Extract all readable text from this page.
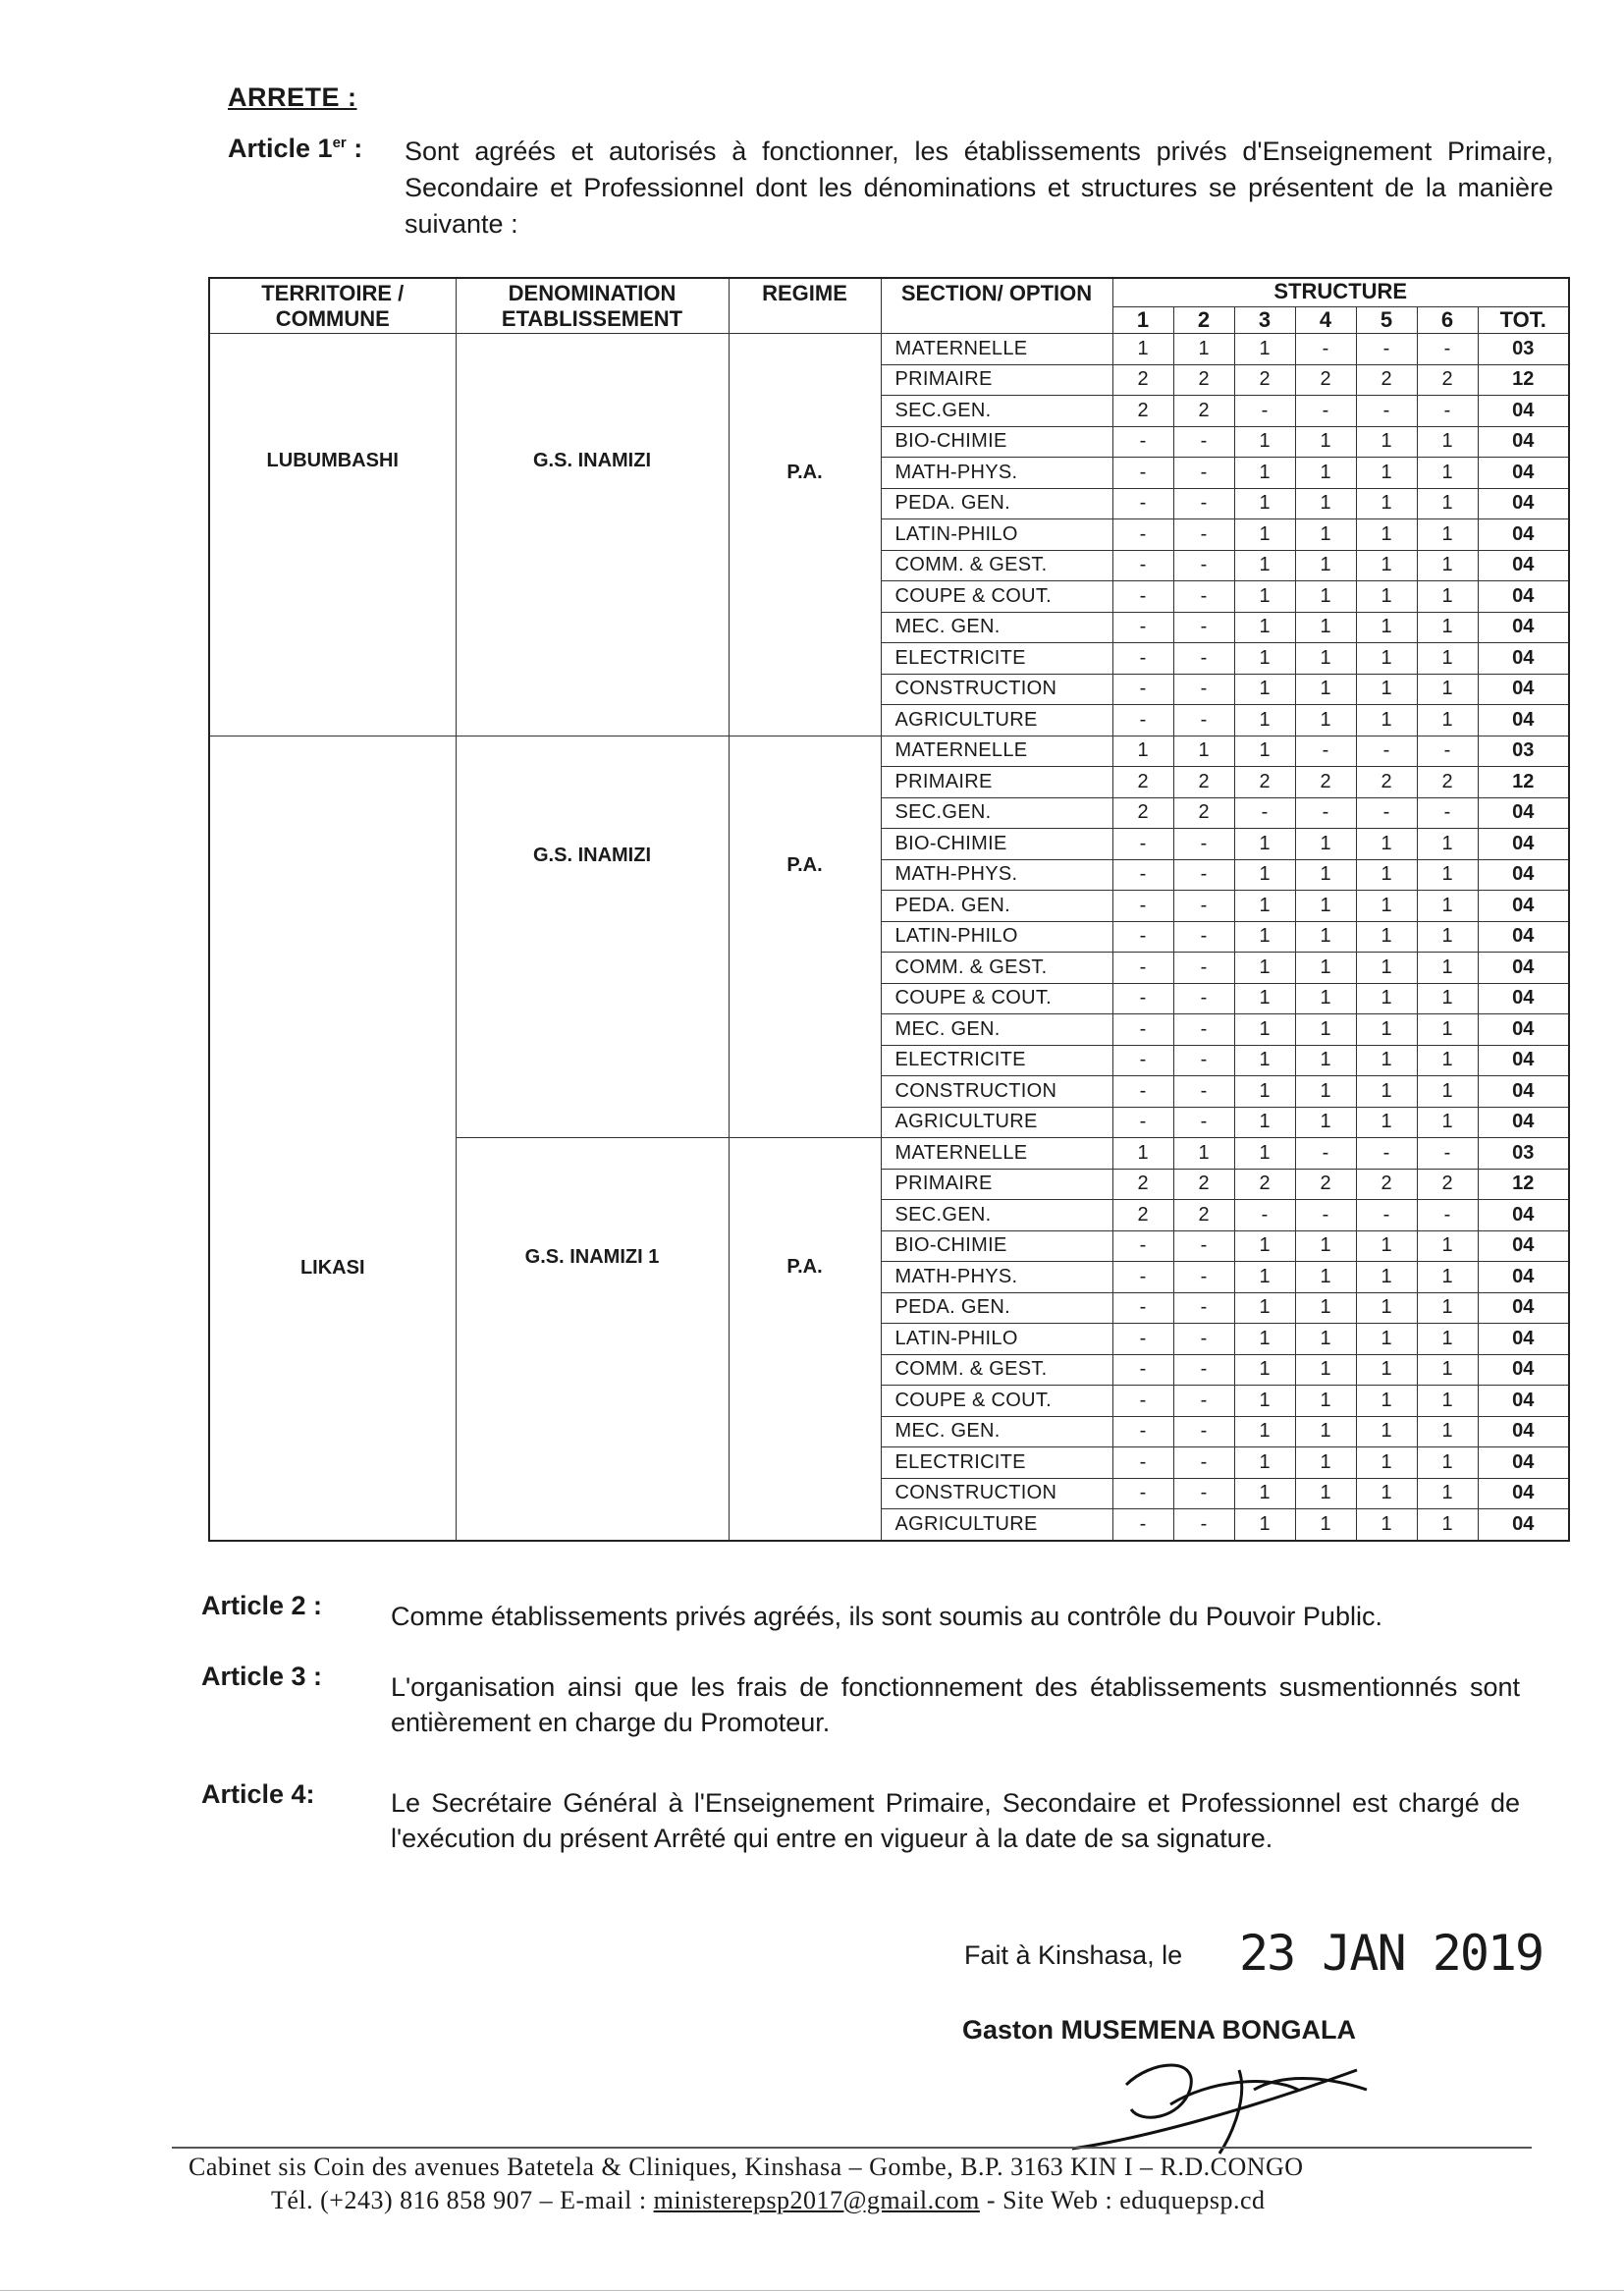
ARRETE :
Article 1er : Sont agréés et autorisés à fonctionner, les établissements privés d'Enseignement Primaire, Secondaire et Professionnel dont les dénominations et structures se présentent de la manière suivante :
TERRITOIRE / COMMUNE	DENOMINATION ETABLISSEMENT	REGIME	SECTION/ OPTION	STRUCTURE						
				1	2	3	4	5	6	TOT.
LUBUMBASHI	G.S. INAMIZI	P.A.	MATERNELLE	1	1	1	-	-	-	03
			PRIMAIRE	2	2	2	2	2	2	12
			SEC.GEN.	2	2	-	-	-	-	04
			BIO-CHIMIE	-	-	1	1	1	1	04
			MATH-PHYS.	-	-	1	1	1	1	04
			PEDA. GEN.	-	-	1	1	1	1	04
			LATIN-PHILO	-	-	1	1	1	1	04
			COMM. & GEST.	-	-	1	1	1	1	04
			COUPE & COUT.	-	-	1	1	1	1	04
			MEC. GEN.	-	-	1	1	1	1	04
			ELECTRICITE	-	-	1	1	1	1	04
			CONSTRUCTION	-	-	1	1	1	1	04
			AGRICULTURE	-	-	1	1	1	1	04
LIKASI	G.S. INAMIZI	P.A.	MATERNELLE	1	1	1	-	-	-	03
			PRIMAIRE	2	2	2	2	2	2	12
			SEC.GEN.	2	2	-	-	-	-	04
			BIO-CHIMIE	-	-	1	1	1	1	04
			MATH-PHYS.	-	-	1	1	1	1	04
			PEDA. GEN.	-	-	1	1	1	1	04
			LATIN-PHILO	-	-	1	1	1	1	04
			COMM. & GEST.	-	-	1	1	1	1	04
			COUPE & COUT.	-	-	1	1	1	1	04
			MEC. GEN.	-	-	1	1	1	1	04
			ELECTRICITE	-	-	1	1	1	1	04
			CONSTRUCTION	-	-	1	1	1	1	04
			AGRICULTURE	-	-	1	1	1	1	04
	G.S. INAMIZI 1	P.A.	MATERNELLE	1	1	1	-	-	-	03
			PRIMAIRE	2	2	2	2	2	2	12
			SEC.GEN.	2	2	-	-	-	-	04
			BIO-CHIMIE	-	-	1	1	1	1	04
			MATH-PHYS.	-	-	1	1	1	1	04
			PEDA. GEN.	-	-	1	1	1	1	04
			LATIN-PHILO	-	-	1	1	1	1	04
			COMM. & GEST.	-	-	1	1	1	1	04
			COUPE & COUT.	-	-	1	1	1	1	04
			MEC. GEN.	-	-	1	1	1	1	04
			ELECTRICITE	-	-	1	1	1	1	04
			CONSTRUCTION	-	-	1	1	1	1	04
			AGRICULTURE	-	-	1	1	1	1	04
Article 2 :	Comme établissements privés agréés, ils sont soumis au contrôle du Pouvoir Public.
Article 3 :	L'organisation ainsi que les frais de fonctionnement des établissements susmentionnés sont entièrement en charge du Promoteur.
Article 4:	Le Secrétaire Général à l'Enseignement Primaire, Secondaire et Professionnel est chargé de l'exécution du présent Arrêté qui entre en vigueur à la date de sa signature.
Fait à Kinshasa, le 23 JAN 2019
Gaston MUSEMENA BONGALA
Cabinet sis Coin des avenues Batetela & Cliniques, Kinshasa – Gombe, B.P. 3163 KIN I – R.D.CONGO
Tél. (+243) 816 858 907 – E-mail : ministerepsp2017@gmail.com - Site Web : eduquepsp.cd
